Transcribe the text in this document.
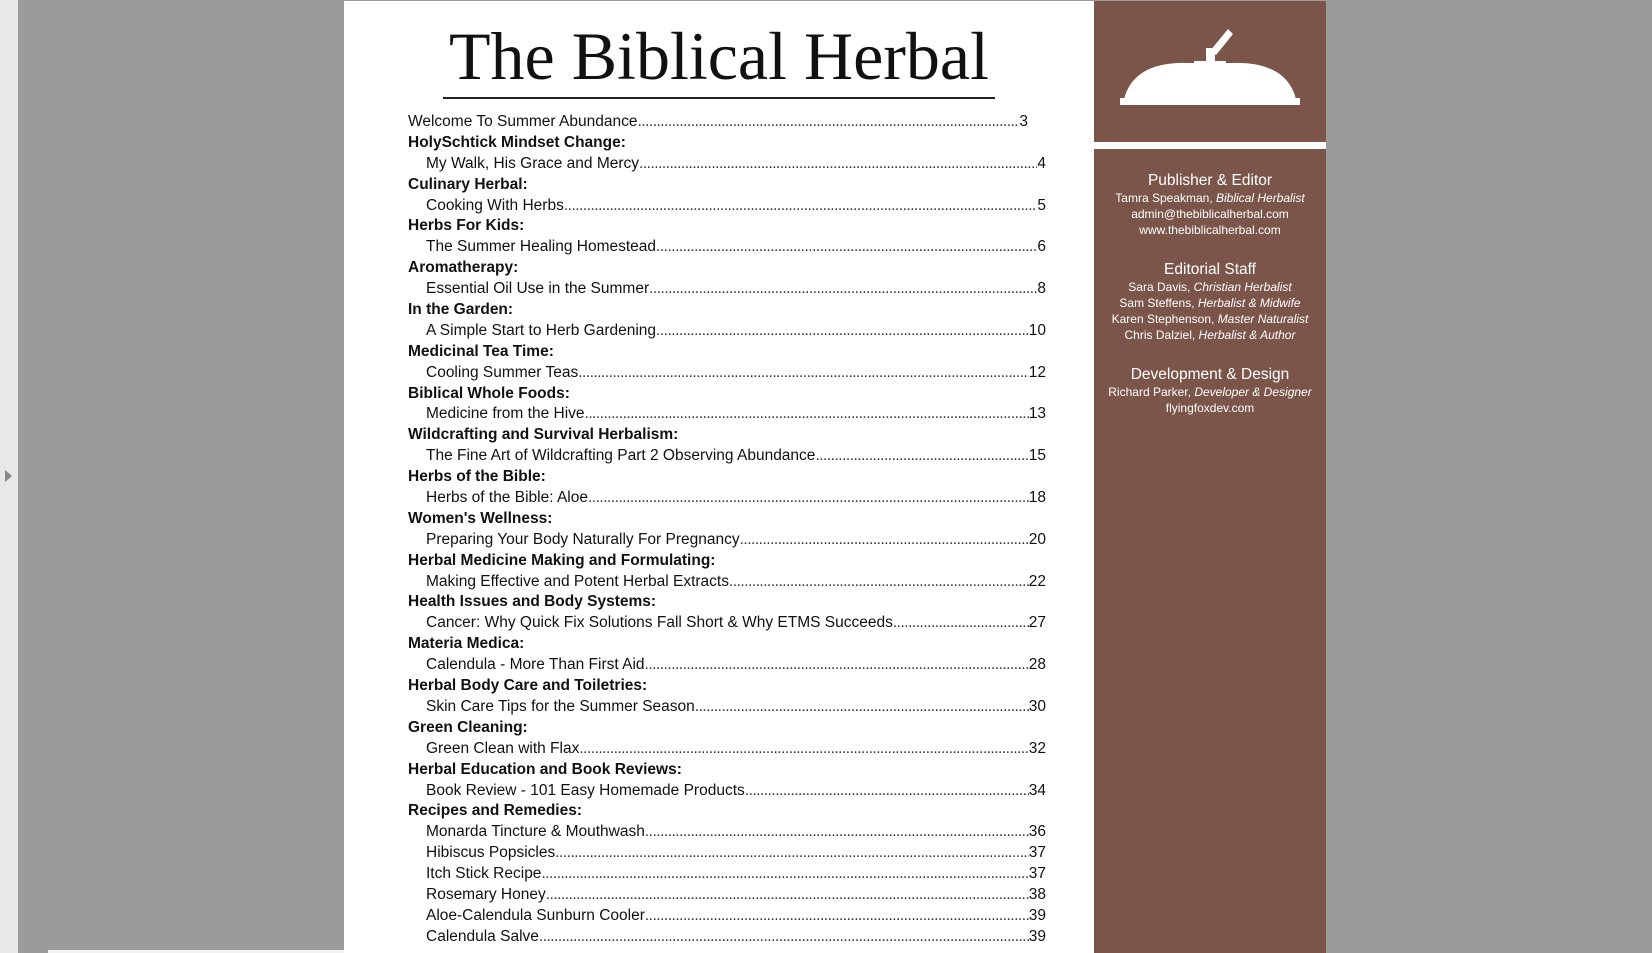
The Biblical Herbal
Welcome To Summer Abundance .....	3
HolySchtick Mindset Change:
My Walk, His Grace and Mercy .....	4
Culinary Herbal:
Cooking With Herbs .....	5
Herbs For Kids:
The Summer Healing Homestead .....	6
Aromatherapy:
Essential Oil Use in the Summer .....	8
In the Garden:
A Simple Start to Herb Gardening .....	10
Medicinal Tea Time:
Cooling Summer Teas .....	12
Biblical Whole Foods:
Medicine from the Hive .....	13
Wildcrafting and Survival Herbalism:
The Fine Art of Wildcrafting Part 2 Observing Abundance .....	15
Herbs of the Bible:
Herbs of the Bible: Aloe .....	18
Women's Wellness:
Preparing Your Body Naturally For Pregnancy .....	20
Herbal Medicine Making and Formulating:
Making Effective and Potent Herbal Extracts .....	22
Health Issues and Body Systems:
Cancer: Why Quick Fix Solutions Fall Short & Why ETMS Succeeds .....	27
Materia Medica:
Calendula - More Than First Aid .....	28
Herbal Body Care and Toiletries:
Skin Care Tips for the Summer Season .....	30
Green Cleaning:
Green Clean with Flax .....	32
Herbal Education and Book Reviews:
Book Review - 101 Easy Homemade Products .....	34
Recipes and Remedies:
Monarda Tincture & Mouthwash .....	36
Hibiscus Popsicles .....	37
Itch Stick Recipe .....	37
Rosemary Honey .....	38
Aloe-Calendula Sunburn Cooler .....	39
Calendula Salve .....	39
Publisher & Editor
Tamra Speakman, Biblical Herbalist
admin@thebiblicalherbal.com
www.thebiblicalherbal.com
Editorial Staff
Sara Davis, Christian Herbalist
Sam Steffens, Herbalist & Midwife
Karen Stephenson, Master Naturalist
Chris Dalziel, Herbalist & Author
Development & Design
Richard Parker, Developer & Designer
flyingfoxdev.com
